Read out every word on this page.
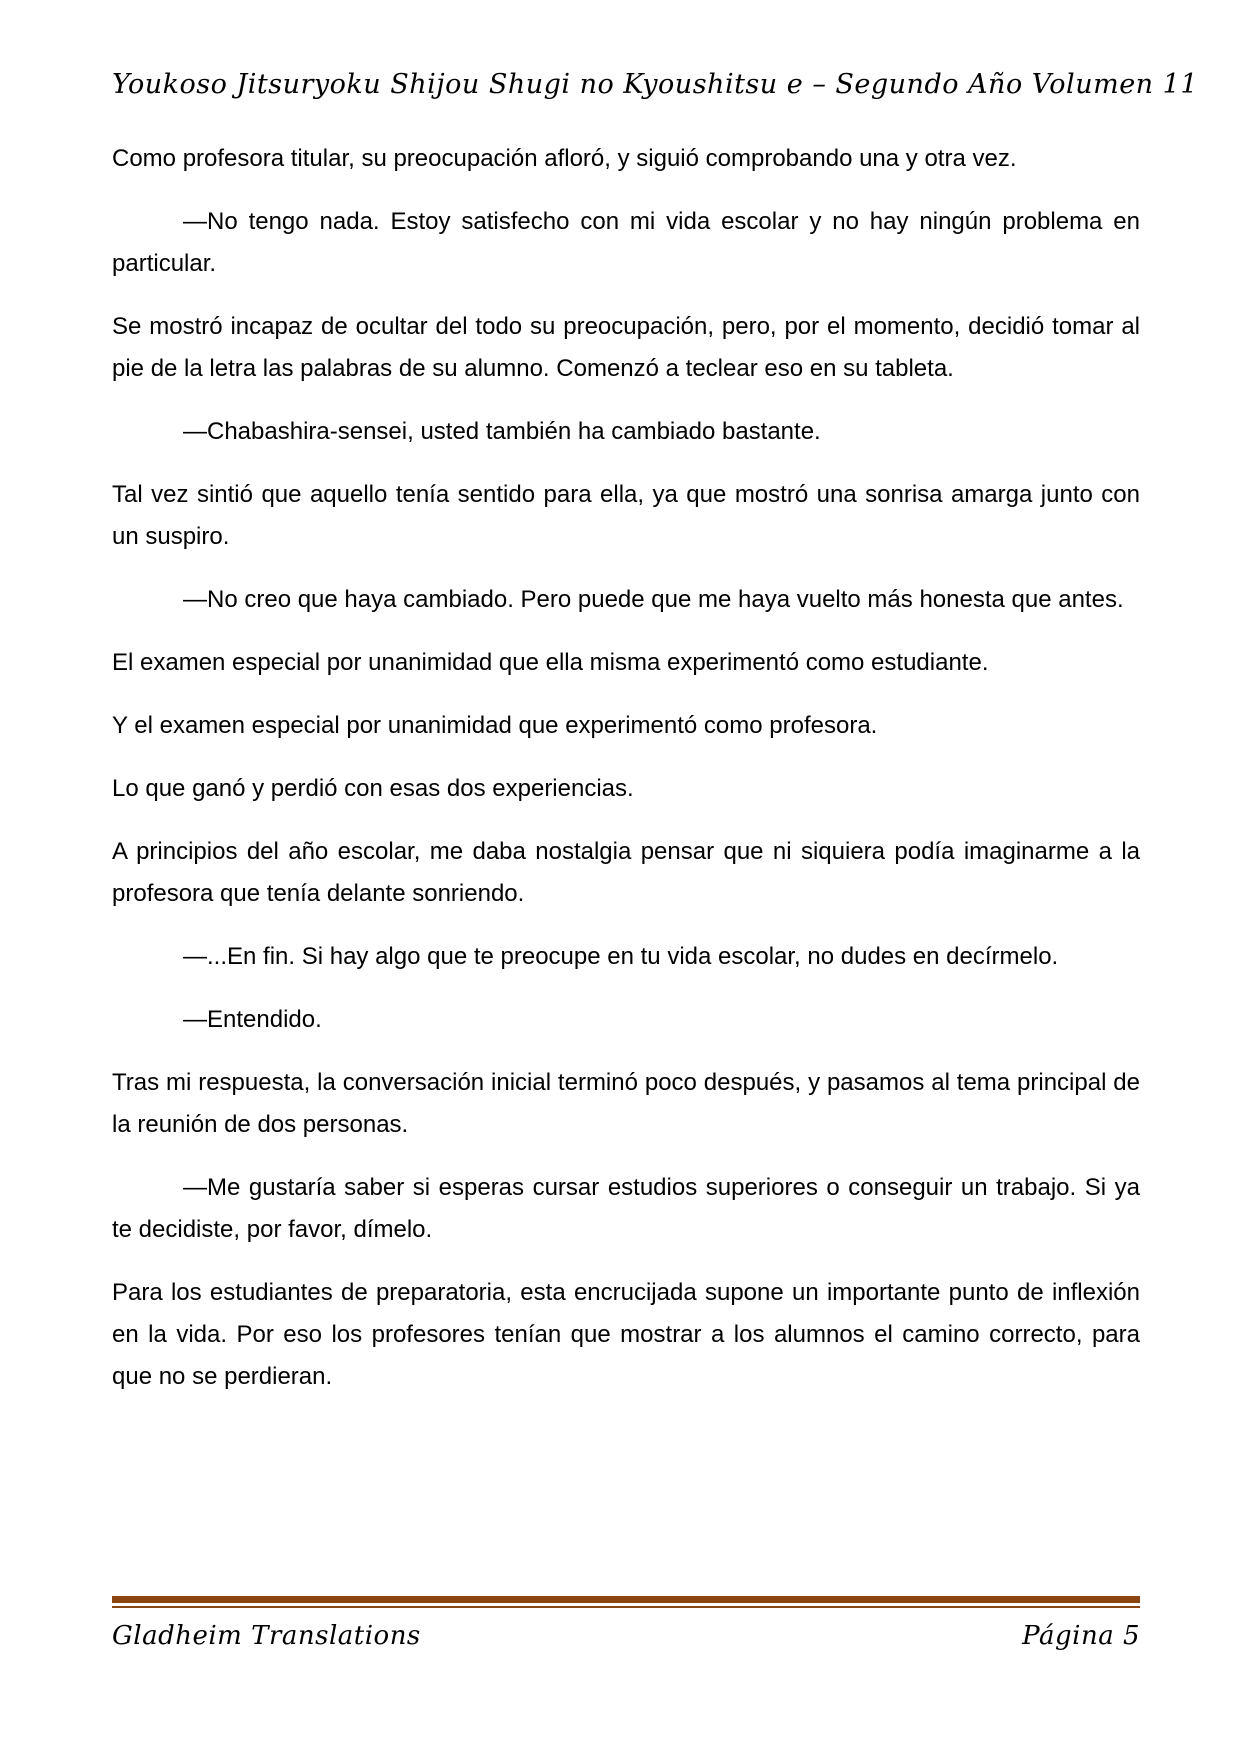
Youkoso Jitsuryoku Shijou Shugi no Kyoushitsu e – Segundo Año Volumen 11

Como profesora titular, su preocupación afloró, y siguió comprobando una y otra vez.

—No tengo nada. Estoy satisfecho con mi vida escolar y no hay ningún problema en particular.

Se mostró incapaz de ocultar del todo su preocupación, pero, por el momento, decidió tomar al pie de la letra las palabras de su alumno. Comenzó a teclear eso en su tableta.

—Chabashira-sensei, usted también ha cambiado bastante.

Tal vez sintió que aquello tenía sentido para ella, ya que mostró una sonrisa amarga junto con un suspiro.

—No creo que haya cambiado. Pero puede que me haya vuelto más honesta que antes.

El examen especial por unanimidad que ella misma experimentó como estudiante.

Y el examen especial por unanimidad que experimentó como profesora.

Lo que ganó y perdió con esas dos experiencias.

A principios del año escolar, me daba nostalgia pensar que ni siquiera podía imaginarme a la profesora que tenía delante sonriendo.

—...En fin. Si hay algo que te preocupe en tu vida escolar, no dudes en decírmelo.

—Entendido.

Tras mi respuesta, la conversación inicial terminó poco después, y pasamos al tema principal de la reunión de dos personas.

—Me gustaría saber si esperas cursar estudios superiores o conseguir un trabajo. Si ya te decidiste, por favor, dímelo.

Para los estudiantes de preparatoria, esta encrucijada supone un importante punto de inflexión en la vida. Por eso los profesores tenían que mostrar a los alumnos el camino correcto, para que no se perdieran.

Gladheim Translations	Página 5
